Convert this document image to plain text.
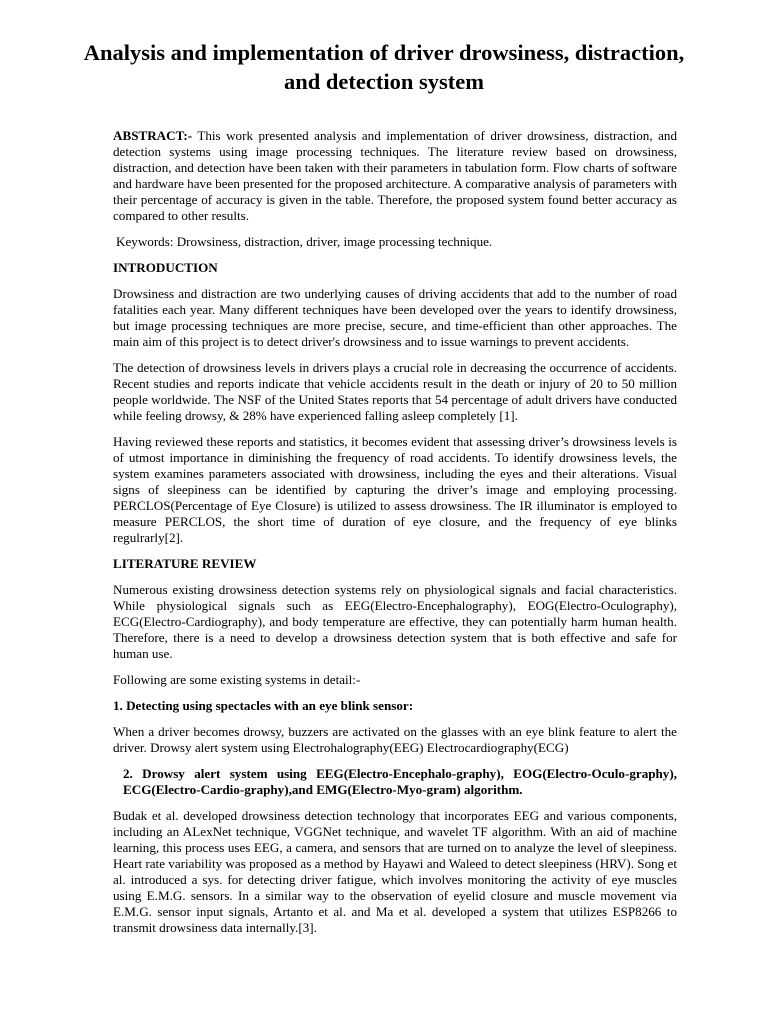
Analysis and implementation of driver drowsiness, distraction, and detection system

ABSTRACT:- This work presented analysis and implementation of driver drowsiness, distraction, and detection systems using image processing techniques. The literature review based on drowsiness, distraction, and detection have been taken with their parameters in tabulation form. Flow charts of software and hardware have been presented for the proposed architecture. A comparative analysis of parameters with their percentage of accuracy is given in the table. Therefore, the proposed system found better accuracy as compared to other results.

Keywords: Drowsiness, distraction, driver, image processing technique.

INTRODUCTION

Drowsiness and distraction are two underlying causes of driving accidents that add to the number of road fatalities each year. Many different techniques have been developed over the years to identify drowsiness, but image processing techniques are more precise, secure, and time-efficient than other approaches. The main aim of this project is to detect driver's drowsiness and to issue warnings to prevent accidents.

The detection of drowsiness levels in drivers plays a crucial role in decreasing the occurrence of accidents. Recent studies and reports indicate that vehicle accidents result in the death or injury of 20 to 50 million people worldwide. The NSF of the United States reports that 54 percentage of adult drivers have conducted while feeling drowsy, & 28% have experienced falling asleep completely [1].

Having reviewed these reports and statistics, it becomes evident that assessing driver’s drowsiness levels is of utmost importance in diminishing the frequency of road accidents. To identify drowsiness levels, the system examines parameters associated with drowsiness, including the eyes and their alterations. Visual signs of sleepiness can be identified by capturing the driver’s image and employing processing. PERCLOS(Percentage of Eye Closure) is utilized to assess drowsiness. The IR illuminator is employed to measure PERCLOS, the short time of duration of eye closure, and the frequency of eye blinks regulrarly[2].

LITERATURE REVIEW

Numerous existing drowsiness detection systems rely on physiological signals and facial characteristics. While physiological signals such as EEG(Electro-Encephalography), EOG(Electro-Oculography), ECG(Electro-Cardiography), and body temperature are effective, they can potentially harm human health. Therefore, there is a need to develop a drowsiness detection system that is both effective and safe for human use.

Following are some existing systems in detail:-

1. Detecting using spectacles with an eye blink sensor:

When a driver becomes drowsy, buzzers are activated on the glasses with an eye blink feature to alert the driver. Drowsy alert system using Electrohalography(EEG) Electrocardiography(ECG)

2. Drowsy alert system using EEG(Electro-Encephalo-graphy), EOG(Electro-Oculo-graphy), ECG(Electro-Cardio-graphy),and EMG(Electro-Myo-gram) algorithm.

Budak et al. developed drowsiness detection technology that incorporates EEG and various components, including an ALexNet technique, VGGNet technique, and wavelet TF algorithm. With an aid of machine learning, this process uses EEG, a camera, and sensors that are turned on to analyze the level of sleepiness. Heart rate variability was proposed as a method by Hayawi and Waleed to detect sleepiness (HRV). Song et al. introduced a sys. for detecting driver fatigue, which involves monitoring the activity of eye muscles using E.M.G. sensors. In a similar way to the observation of eyelid closure and muscle movement via E.M.G. sensor input signals, Artanto et al. and Ma et al. developed a system that utilizes ESP8266 to transmit drowsiness data internally.[3].
